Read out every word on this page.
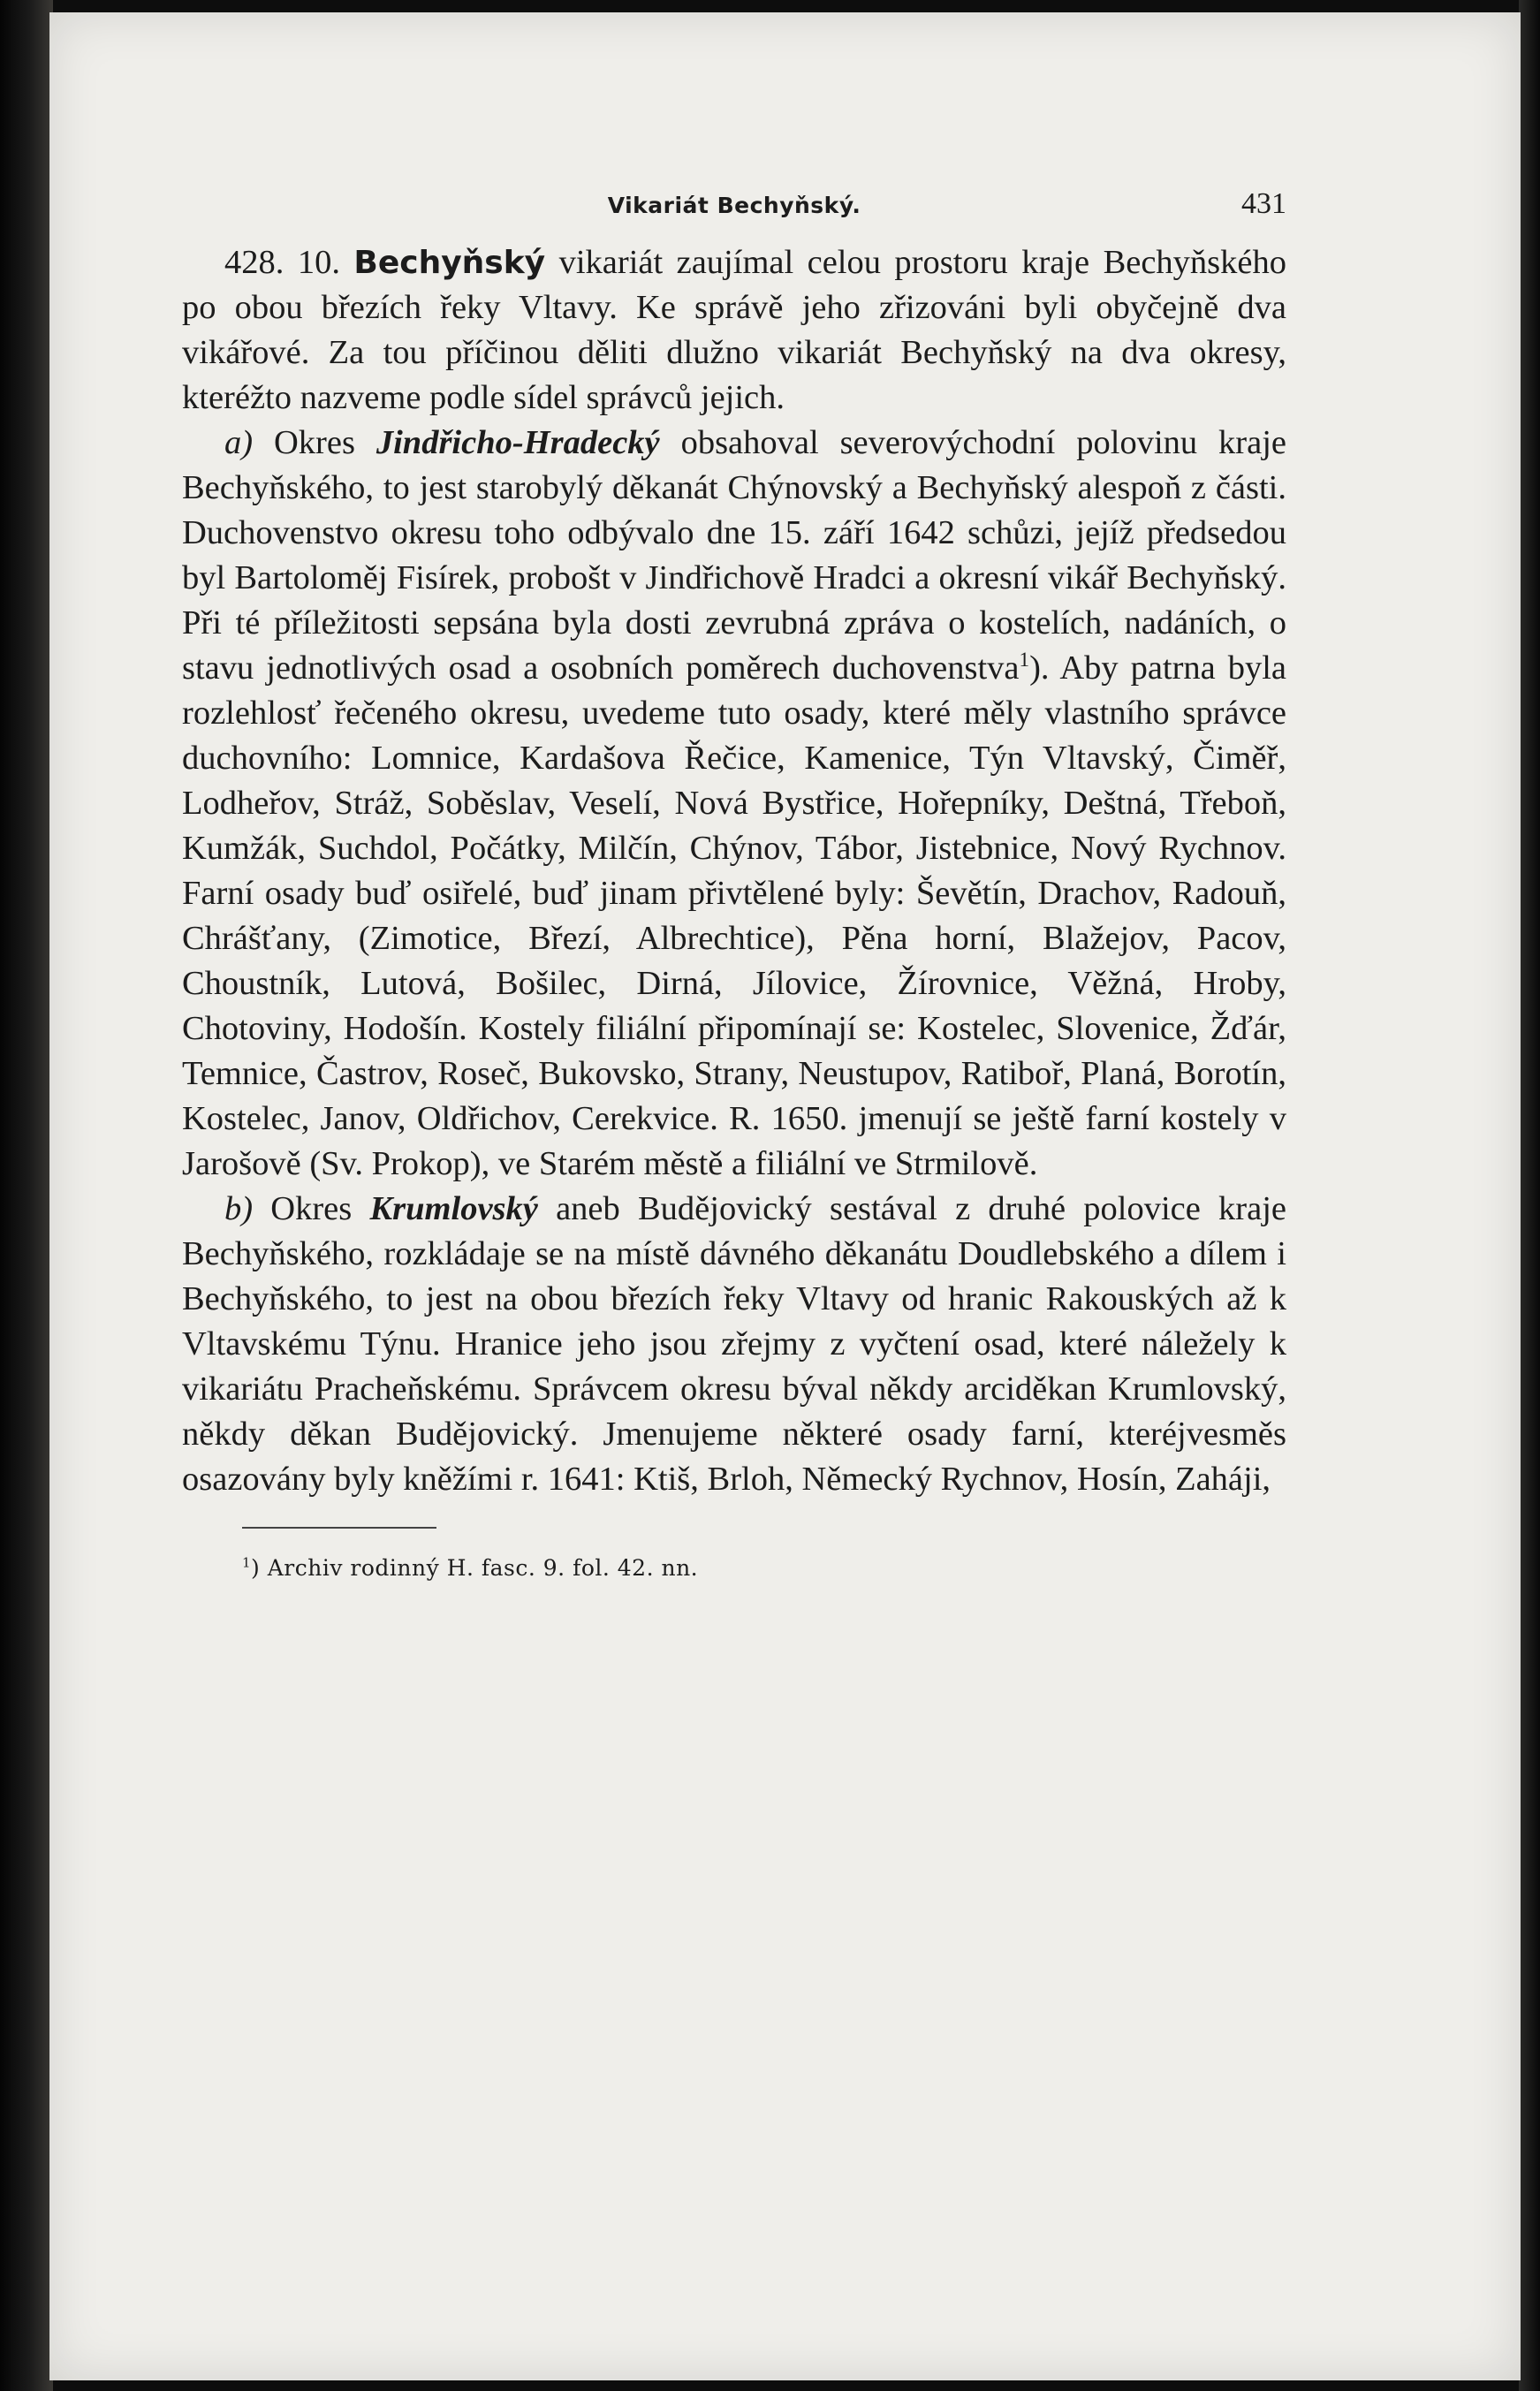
Vikariát Bechyňský.	431

428. 10. Bechyňský vikariát zaujímal celou prostoru kraje Bechyňského po obou březích řeky Vltavy. Ke správě jeho zřizováni byli obyčejně dva vikářové. Za tou příčinou děliti dlužno vikariát Bechyňský na dva okresy, kteréžto nazveme podle sídel správců jejich.

a) Okres Jindřicho-Hradecký obsahoval severovýchodní polovinu kraje Bechyňského, to jest starobylý děkanát Chýnovský a Bechyňský alespoň z části. Duchovenstvo okresu toho odbývalo dne 15. září 1642 schůzi, jejíž předsedou byl Bartoloměj Fisírek, probošt v Jindřichově Hradci a okresní vikář Bechyňský. Při té příležitosti sepsána byla dosti zevrubná zpráva o kostelích, nadáních, o stavu jednotlivých osad a osobních poměrech duchovenstva$^1$). Aby patrna byla rozlehlosť řečeného okresu, uvedeme tuto osady, které měly vlastního správce duchovního: Lomnice, Kardašova Řečice, Kamenice, Týn Vltavský, Čiměř, Lodheřov, Stráž, Soběslav, Veselí, Nová Bystřice, Hořepníky, Deštná, Třeboň, Kumžák, Suchdol, Počátky, Milčín, Chýnov, Tábor, Jistebnice, Nový Rychnov. Farní osady buď osiřelé, buď jinam přivtělené byly: Ševětín, Drachov, Radouň, Chrášťany, (Zimotice, Březí, Albrechtice), Pěna horní, Blažejov, Pacov, Choustník, Lutová, Bošilec, Dirná, Jílovice, Žírovnice, Věžná, Hroby, Chotoviny, Hodošín. Kostely filiální připomínají se: Kostelec, Slovenice, Žďár, Temnice, Častrov, Roseč, Bukovsko, Strany, Neustupov, Ratiboř, Planá, Borotín, Kostelec, Janov, Oldřichov, Cerekvice. R. 1650. jmenují se ještě farní kostely v Jarošově (Sv. Prokop), ve Starém městě a filiální ve Strmilově.

b) Okres Krumlovský aneb Budějovický sestával z druhé polovice kraje Bechyňského, rozkládaje se na místě dávného děkanátu Doudlebského a dílem i Bechyňského, to jest na obou březích řeky Vltavy od hranic Rakouských až k Vltavskému Týnu. Hranice jeho jsou zřejmy z vyčtení osad, které náležely k vikariátu Pracheňskému. Správcem okresu býval někdy arciděkan Krumlovský, někdy děkan Budějovický. Jmenujeme některé osady farní, kteréjvesměs osazovány byly kněžími r. 1641: Ktiš, Brloh, Německý Rychnov, Hosín, Zaháji,

$^1$) Archiv rodinný H. fasc. 9. fol. 42. nn.
